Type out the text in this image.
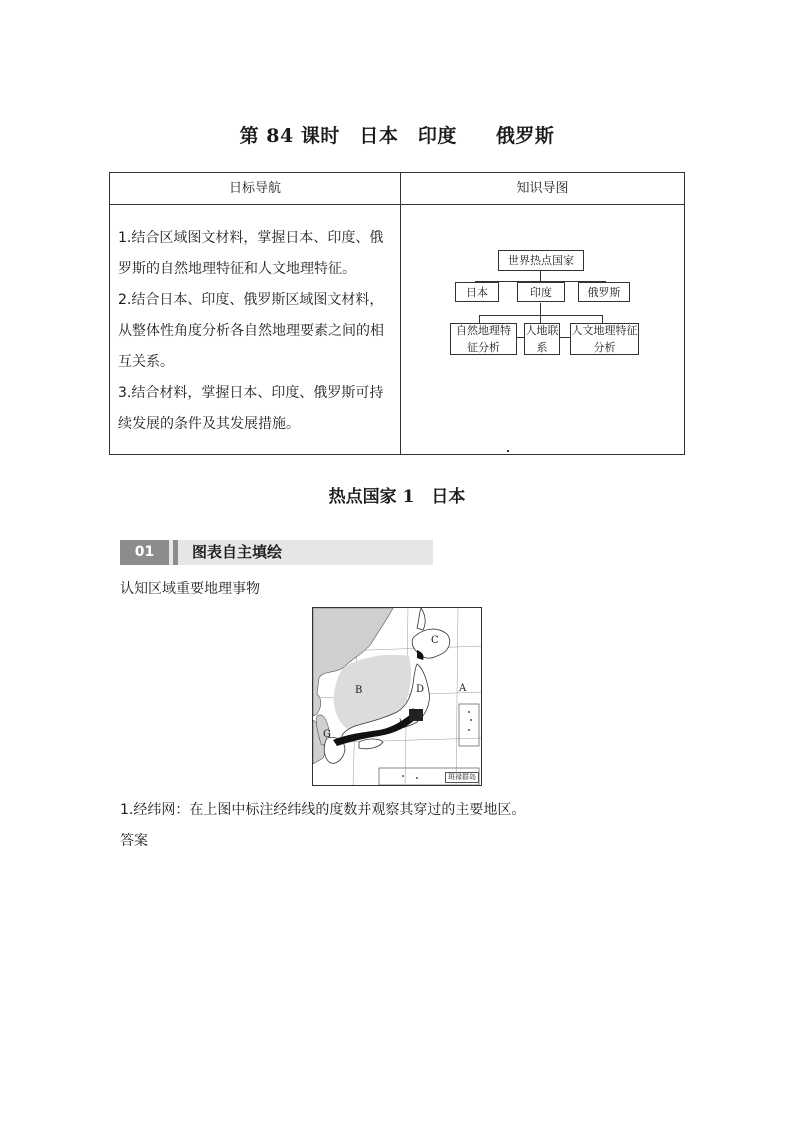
第 84 课时　日本　印度　　俄罗斯
日标导航	知识导图

1.结合区域图文材料，掌握日本、印度、俄罗斯的自然地理特征和人文地理特征。

2.结合日本、印度、俄罗斯区域图文材料，从整体性角度分析各自然地理要素之间的相互关系。

3.结合材料，掌握日本、印度、俄罗斯可持续发展的条件及其发展措施。

世界热点国家
日本	印度	俄罗斯
自然地理特征分析
人地联系
人文地理特征分析
热点国家 1　日本
01	图表自主填绘
认知区域重要地理事物
C
A
B	D
G
a
b
斑禄群岛
1.经纬网：在上图中标注经纬线的度数并观察其穿过的主要地区。
答案
